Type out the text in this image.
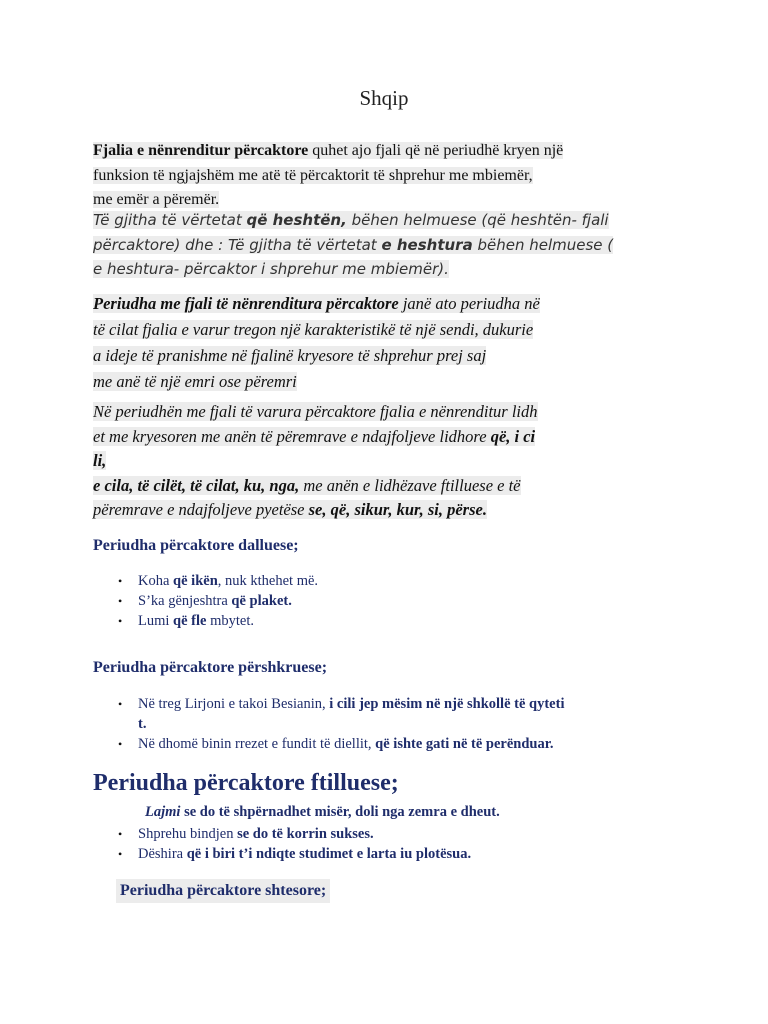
Shqip
Fjalia e nënrenditur përcaktore quhet ajo fjali që në periudhë kryen një
funksion të ngjajshëm me atë të përcaktorit të shprehur me mbiemër,
me emër a përemër.
Të gjitha të vërtetat që heshtën, bëhen helmuese (që heshtën- fjali
përcaktore) dhe : Të gjitha të vërtetat e heshtura bëhen helmuese (
e heshtura- përcaktor i shprehur me mbiemër).
Periudha me fjali të nënrenditura përcaktore janë ato periudha në
të cilat fjalia e varur tregon një karakteristikë të një sendi, dukurie
a ideje të pranishme në fjalinë kryesore të shprehur prej saj
me anë të një emri ose përemri
Në periudhën me fjali të varura përcaktore fjalia e nënrenditur lidh
et me kryesoren me anën të përemrave e ndajfoljeve lidhore që, i ci
li,
e cila, të cilët, të cilat, ku, nga, me anën e lidhëzave ftilluese e të
përemrave e ndajfoljeve pyetëse se, që, sikur, kur, si, përse.
Periudha përcaktore dalluese;
• Koha që ikën, nuk kthehet më.
• S’ka gënjeshtra që plaket.
• Lumi që fle mbytet.
Periudha përcaktore përshkruese;
• Në treg Lirjoni e takoi Besianin, i cili jep mësim në një shkollë të qyteti
t.
• Në dhomë binin rrezet e fundit të diellit, që ishte gati në të perënduar.
Periudha përcaktore ftilluese;
Lajmi se do të shpërnadhet misër, doli nga zemra e dheut.
• Shprehu bindjen se do të korrin sukses.
• Dëshira që i biri t’i ndiqte studimet e larta iu plotësua.
Periudha përcaktore shtesore;
